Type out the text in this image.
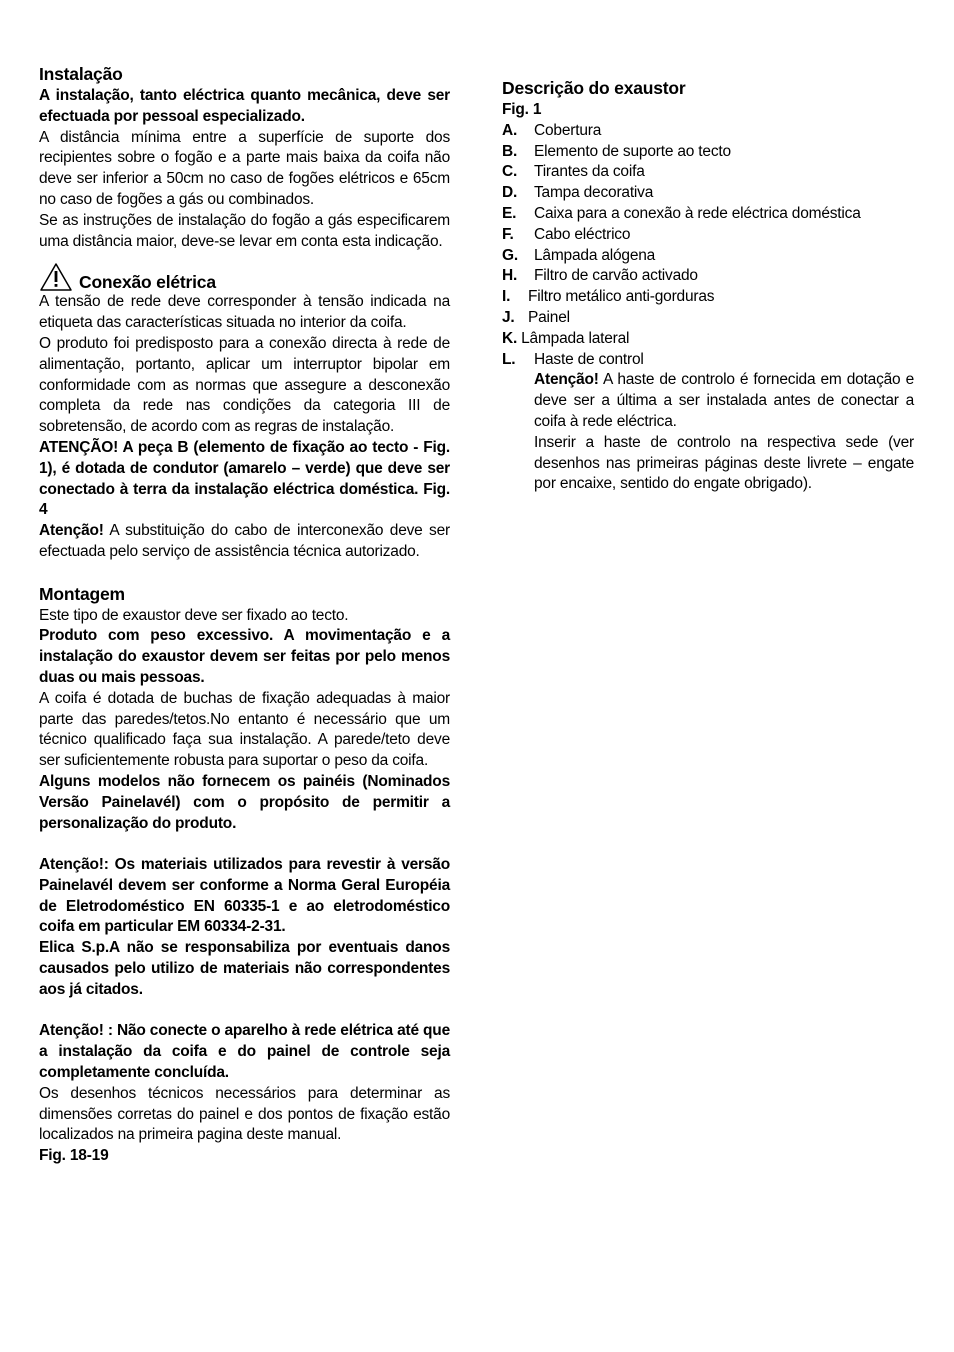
Instalação

A instalação, tanto eléctrica quanto mecânica, deve ser efectuada por pessoal especializado.

A distância mínima entre a superfície de suporte dos recipientes sobre o fogão e a parte mais baixa da coifa não deve ser inferior a 50cm no caso de fogões elétricos e 65cm no caso de fogões a gás ou combinados.

Se as instruções de instalação do fogão a gás especificarem uma distância maior, deve-se levar em conta esta indicação.

Conexão elétrica

A tensão de rede deve corresponder à tensão indicada na etiqueta das características situada no interior da coifa.

O produto foi predisposto para a conexão directa à rede de alimentação, portanto, aplicar um interruptor bipolar em conformidade com as normas que assegure a desconexão completa da rede nas condições da categoria III de sobretensão, de acordo com as regras de instalação.

ATENÇÃO! A peça B (elemento de fixação ao tecto - Fig. 1), é dotada de condutor (amarelo – verde) que deve ser conectado à terra da instalação eléctrica doméstica. Fig. 4

Atenção! A substituição do cabo de interconexão deve ser efectuada pelo serviço de assistência técnica autorizado.

Montagem

Este tipo de exaustor deve ser fixado ao tecto.

Produto com peso excessivo. A movimentação e a instalação do exaustor devem ser feitas por pelo menos duas ou mais pessoas.

A coifa é dotada de buchas de fixação adequadas à maior parte das paredes/tetos.No entanto é necessário que um técnico qualificado faça sua instalação. A parede/teto deve ser suficientemente robusta para suportar o peso da coifa.

Alguns modelos não fornecem os painéis (Nominados Versão Painelavél) com o propósito de permitir a personalização do produto.

Atenção!: Os materiais utilizados para revestir à versão Painelavél devem ser conforme a Norma Geral Européia de Eletrodoméstico EN 60335-1 e ao eletrodoméstico coifa em particular EM 60334-2-31.

Elica S.p.A não se responsabiliza por eventuais danos causados pelo utilizo de materiais não correspondentes aos já citados.

Atenção! : Não conecte o aparelho à rede elétrica até que a instalação da coifa e do painel de controle seja completamente concluída.

Os desenhos técnicos necessários para determinar as dimensões corretas do painel e dos pontos de fixação estão localizados na primeira pagina deste manual.

Fig. 18-19

Descrição do exaustor

Fig. 1

A.	Cobertura
B.	Elemento de suporte ao tecto
C.	Tirantes da coifa
D.	Tampa decorativa
E.	Caixa para a conexão à rede eléctrica doméstica
F.	Cabo eléctrico
G.	Lâmpada alógena
H.	Filtro de carvão activado
I.	Filtro metálico anti-gorduras
J. Painel
K. Lâmpada lateral
L.	Haste de control

Atenção! A haste de controlo é fornecida em dotação e deve ser a última a ser instalada antes de conectar a coifa à rede eléctrica.

Inserir a haste de controlo na respectiva sede (ver desenhos nas primeiras páginas deste livrete – engate por encaixe, sentido do engate obrigado).
